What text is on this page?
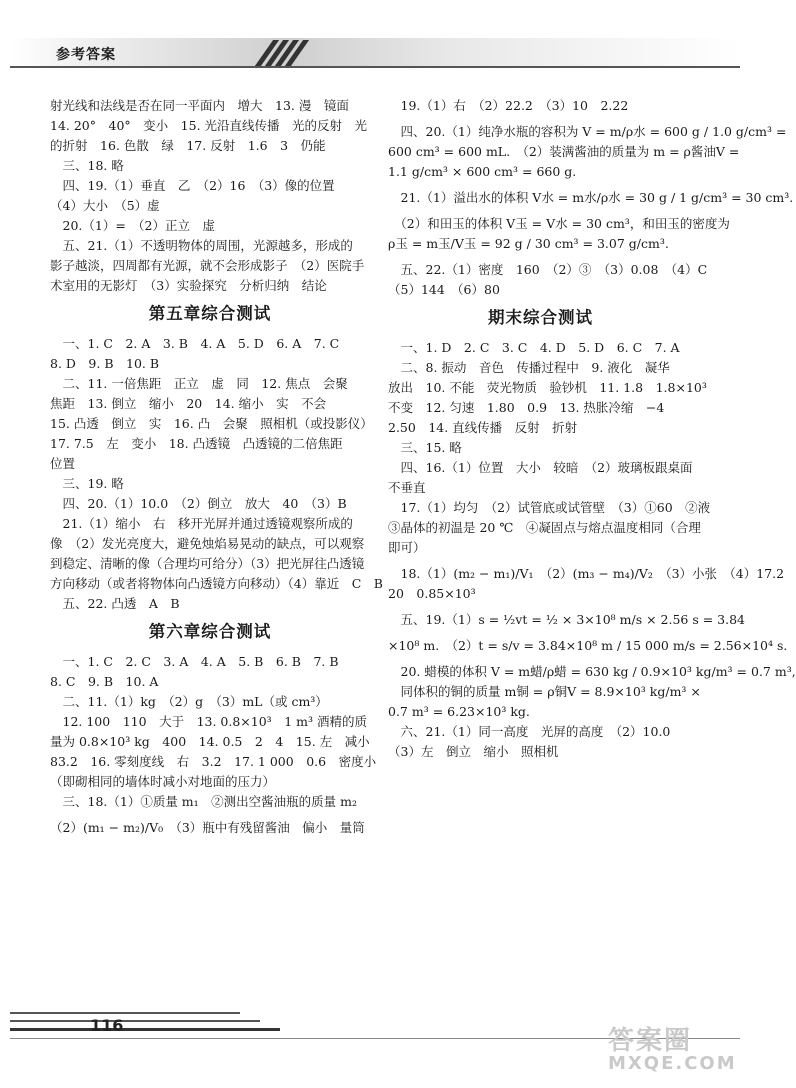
参考答案
射光线和法线是否在同一平面内　增大　13. 漫　镜面
14. 20°　40°　变小　15. 光沿直线传播　光的反射　光
的折射　16. 色散　绿　17. 反射　1.6　3　仍能
　三、18. 略
　四、19.（1）垂直　乙　（2）16　（3）像的位置
（4）大小　（5）虚
　20.（1）=　（2）正立　虚
　五、21.（1）不透明物体的周围，光源越多，形成的
影子越淡，四周都有光源，就不会形成影子　（2）医院手
术室用的无影灯　（3）实验探究　分析归纳　结论
第五章综合测试
　一、1. C　2. A　3. B　4. A　5. D　6. A　7. C
8. D　9. B　10. B
　二、11. 一倍焦距　正立　虚　同　12. 焦点　会聚
焦距　13. 倒立　缩小　20　14. 缩小　实　不会
15. 凸透　倒立　实　16. 凸　会聚　照相机（或投影仪）
17. 7.5　左　变小　18. 凸透镜　凸透镜的二倍焦距
位置
　三、19. 略
　四、20.（1）10.0　（2）倒立　放大　40　（3）B
　21.（1）缩小　右　移开光屏并通过透镜观察所成的
像　（2）发光亮度大，避免烛焰易晃动的缺点，可以观察
到稳定、清晰的像（合理均可给分）（3）把光屏往凸透镜
方向移动（或者将物体向凸透镜方向移动）（4）靠近　C　B
　五、22. 凸透　A　B
第六章综合测试
　一、1. C　2. C　3. A　4. A　5. B　6. B　7. B
8. C　9. B　10. A
　二、11.（1）kg　（2）g　（3）mL（或 cm³）
　12. 100　110　大于　13. 0.8×10³　1 m³ 酒精的质
量为 0.8×10³ kg　400　14. 0.5　2　4　15. 左　减小
83.2　16. 零刻度线　右　3.2　17. 1 000　0.6　密度小
（即砌相同的墙体时减小对地面的压力）
　三、18.（1）①质量 m₁　②测出空酱油瓶的质量 m₂
（2）(m₁ − m₂)/V₀　（3）瓶中有残留酱油　偏小　量筒
　19.（1）右　（2）22.2　（3）10　2.22
　四、20.（1）纯净水瓶的容积为 V = m/ρ水 = 600 g / 1.0 g/cm³ =
600 cm³ = 600 mL.　（2）装满酱油的质量为 m = ρ酱油V =
1.1 g/cm³ × 600 cm³ = 660 g.
　21.（1）溢出水的体积 V水 = m水/ρ水 = 30 g / 1 g/cm³ = 30 cm³.
　（2）和田玉的体积 V玉 = V水 = 30 cm³，和田玉的密度为
ρ玉 = m玉/V玉 = 92 g / 30 cm³ = 3.07 g/cm³.
　五、22.（1）密度　160　（2）③　（3）0.08　（4）C
（5）144　（6）80
期末综合测试
　一、1. D　2. C　3. C　4. D　5. D　6. C　7. A
　二、8. 振动　音色　传播过程中　9. 液化　凝华
放出　10. 不能　荧光物质　验钞机　11. 1.8　1.8×10³
不变　12. 匀速　1.80　0.9　13. 热胀冷缩　−4
2.50　14. 直线传播　反射　折射
　三、15. 略
　四、16.（1）位置　大小　较暗　（2）玻璃板跟桌面
不垂直
　17.（1）均匀　（2）试管底或试管壁　（3）①60　②液
③晶体的初温是 20 ℃　④凝固点与熔点温度相同（合理
即可）
　18.（1）(m₂ − m₁)/V₁　（2）(m₃ − m₄)/V₂　（3）小张　（4）17.2
20　0.85×10³
　五、19.（1）s = ½vt = ½ × 3×10⁸ m/s × 2.56 s = 3.84
×10⁸ m.　（2）t = s/v = 3.84×10⁸ m / 15 000 m/s = 2.56×10⁴ s.
　20. 蜡模的体积 V = m蜡/ρ蜡 = 630 kg / 0.9×10³ kg/m³ = 0.7 m³,
　同体积的铜的质量 m铜 = ρ铜V = 8.9×10³ kg/m³ ×
0.7 m³ = 6.23×10³ kg.
　六、21.（1）同一高度　光屏的高度　（2）10.0
（3）左　倒立　缩小　照相机
116
答案圈
MXQE.COM
